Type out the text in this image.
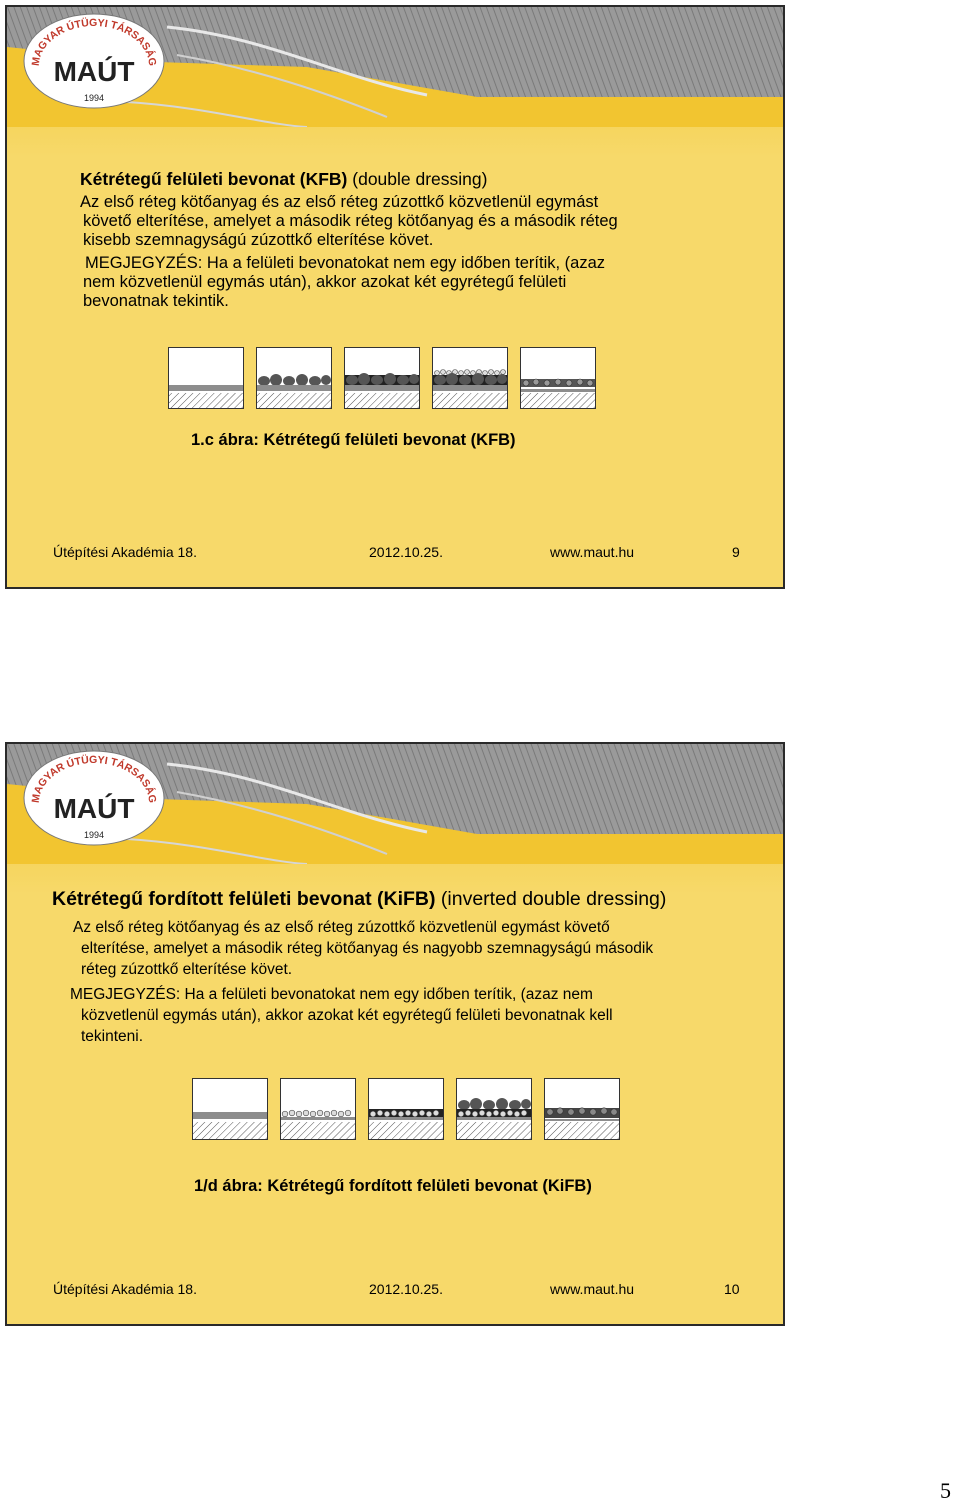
MAGYAR ÚTÜGYI TÁRSASÁG
MAÚT
1994
Kétrétegű felületi bevonat (KFB) (double dressing)
Az első réteg kötőanyag és az első réteg zúzottkő közvetlenül egymást
követő elterítése, amelyet a második réteg kötőanyag és a második réteg
kisebb szemnagyságú zúzottkő elterítése követ.
MEGJEGYZÉS: Ha a felületi bevonatokat nem egy időben terítik, (azaz
nem közvetlenül egymás után), akkor azokat két egyrétegű felületi
bevonatnak tekintik.
1.c ábra: Kétrétegű felületi bevonat (KFB)
Útépítési Akadémia 18.	2012.10.25.	www.maut.hu	9
MAGYAR ÚTÜGYI TÁRSASÁG
MAÚT
1994
Kétrétegű fordított felületi bevonat (KiFB) (inverted double dressing)
Az első réteg kötőanyag és az első réteg zúzottkő közvetlenül egymást követő
elterítése, amelyet a második réteg kötőanyag és nagyobb szemnagyságú második
réteg zúzottkő elterítése követ.
MEGJEGYZÉS: Ha a felületi bevonatokat nem egy időben terítik, (azaz nem
közvetlenül egymás után), akkor azokat két egyrétegű felületi bevonatnak kell
tekinteni.
1/d ábra: Kétrétegű fordított felületi bevonat (KiFB)
Útépítési Akadémia 18.	2012.10.25.	www.maut.hu	10
5
